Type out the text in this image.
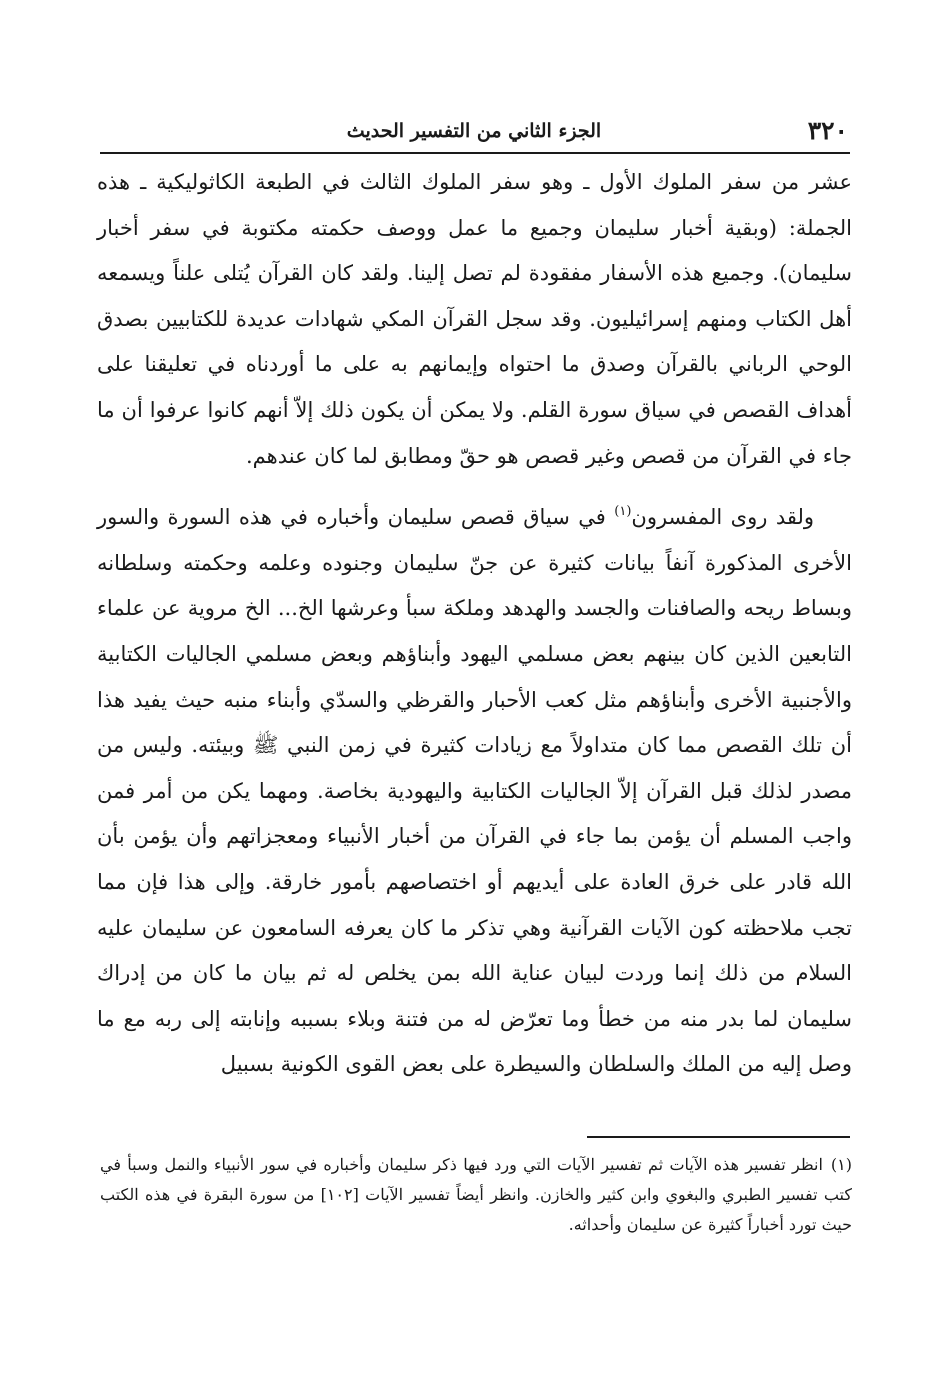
٣٢٠
الجزء الثاني من التفسير الحديث

عشر من سفر الملوك الأول ـ وهو سفر الملوك الثالث في الطبعة الكاثوليكية ـ هذه الجملة: (وبقية أخبار سليمان وجميع ما عمل ووصف حكمته مكتوبة في سفر أخبار سليمان). وجميع هذه الأسفار مفقودة لم تصل إلينا. ولقد كان القرآن يُتلى علناً ويسمعه أهل الكتاب ومنهم إسرائيليون. وقد سجل القرآن المكي شهادات عديدة للكتابيين بصدق الوحي الرباني بالقرآن وصدق ما احتواه وإيمانهم به على ما أوردناه في تعليقنا على أهداف القصص في سياق سورة القلم. ولا يمكن أن يكون ذلك إلاّ أنهم كانوا عرفوا أن ما جاء في القرآن من قصص وغير قصص هو حقّ ومطابق لما كان عندهم.

ولقد روى المفسرون$^{(١)}$ في سياق قصص سليمان وأخباره في هذه السورة والسور الأخرى المذكورة آنفاً بيانات كثيرة عن جنّ سليمان وجنوده وعلمه وحكمته وسلطانه وبساط ريحه والصافنات والجسد والهدهد وملكة سبأ وعرشها الخ... الخ مروية عن علماء التابعين الذين كان بينهم بعض مسلمي اليهود وأبناؤهم وبعض مسلمي الجاليات الكتابية والأجنبية الأخرى وأبناؤهم مثل كعب الأحبار والقرظي والسدّي وأبناء منبه حيث يفيد هذا أن تلك القصص مما كان متداولاً مع زيادات كثيرة في زمن النبي ﷺ وبيئته. وليس من مصدر لذلك قبل القرآن إلاّ الجاليات الكتابية واليهودية بخاصة. ومهما يكن من أمر فمن واجب المسلم أن يؤمن بما جاء في القرآن من أخبار الأنبياء ومعجزاتهم وأن يؤمن بأن الله قادر على خرق العادة على أيديهم أو اختصاصهم بأمور خارقة. وإلى هذا فإن مما تجب ملاحظته كون الآيات القرآنية وهي تذكر ما كان يعرفه السامعون عن سليمان عليه السلام من ذلك إنما وردت لبيان عناية الله بمن يخلص له ثم بيان ما كان من إدراك سليمان لما بدر منه من خطأ وما تعرّض له من فتنة وبلاء بسببه وإنابته إلى ربه مع ما وصل إليه من الملك والسلطان والسيطرة على بعض القوى الكونية بسبيل

(١)انظر تفسير هذه الآيات ثم تفسير الآيات التي ورد فيها ذكر سليمان وأخباره في سور الأنبياء والنمل وسبأ في كتب تفسير الطبري والبغوي وابن كثير والخازن. وانظر أيضاً تفسير الآيات [١٠٢] من سورة البقرة في هذه الكتب حيث تورد أخباراً كثيرة عن سليمان وأحداثه.
